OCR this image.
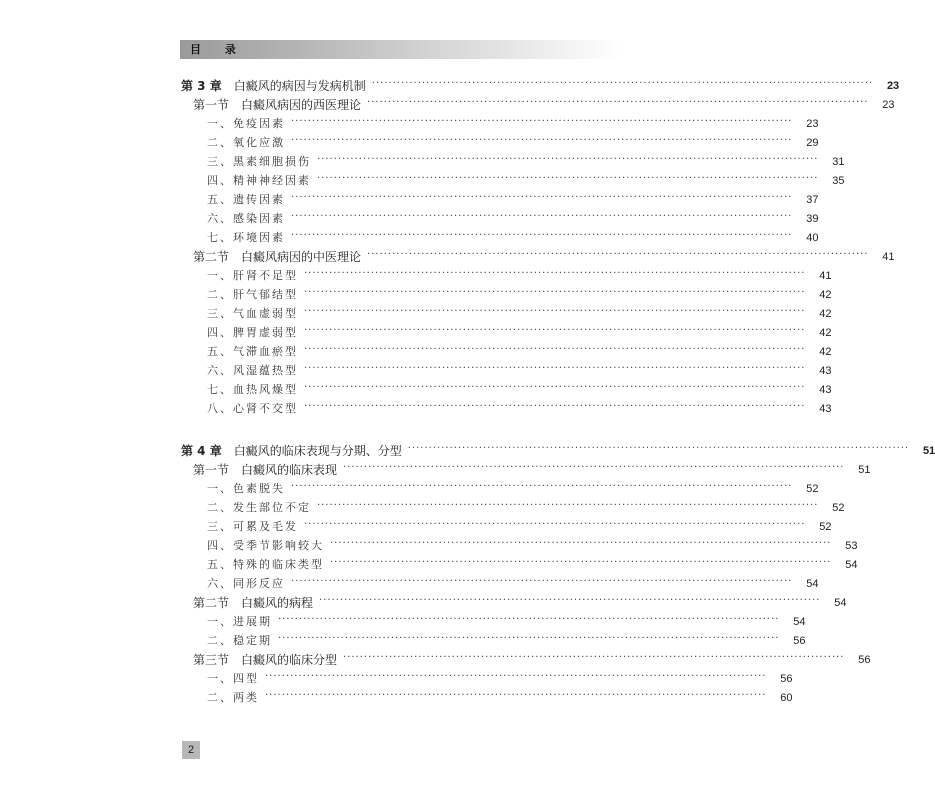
目 录
第 3 章 白癜风的病因与发病机制 ························································································································	23
第一节 白癜风病因的西医理论 ························································································································	23
一、免疫因素 ························································································································	23
二、氧化应激 ························································································································	29
三、黑素细胞损伤 ························································································································	31
四、精神神经因素 ························································································································	35
五、遗传因素 ························································································································	37
六、感染因素 ························································································································	39
七、环境因素 ························································································································	40
第二节 白癜风病因的中医理论 ························································································································	41
一、肝肾不足型 ························································································································	41
二、肝气郁结型 ························································································································	42
三、气血虚弱型 ························································································································	42
四、脾胃虚弱型 ························································································································	42
五、气滞血瘀型 ························································································································	42
六、风湿蕴热型 ························································································································	43
七、血热风燥型 ························································································································	43
八、心肾不交型 ························································································································	43
第 4 章 白癜风的临床表现与分期、分型 ························································································································	51
第一节 白癜风的临床表现 ························································································································	51
一、色素脱失 ························································································································	52
二、发生部位不定 ························································································································	52
三、可累及毛发 ························································································································	52
四、受季节影响较大 ························································································································	53
五、特殊的临床类型 ························································································································	54
六、同形反应 ························································································································	54
第二节 白癜风的病程 ························································································································	54
一、进展期 ························································································································	54
二、稳定期 ························································································································	56
第三节 白癜风的临床分型 ························································································································	56
一、四型 ························································································································	56
二、两类 ························································································································	60
2
